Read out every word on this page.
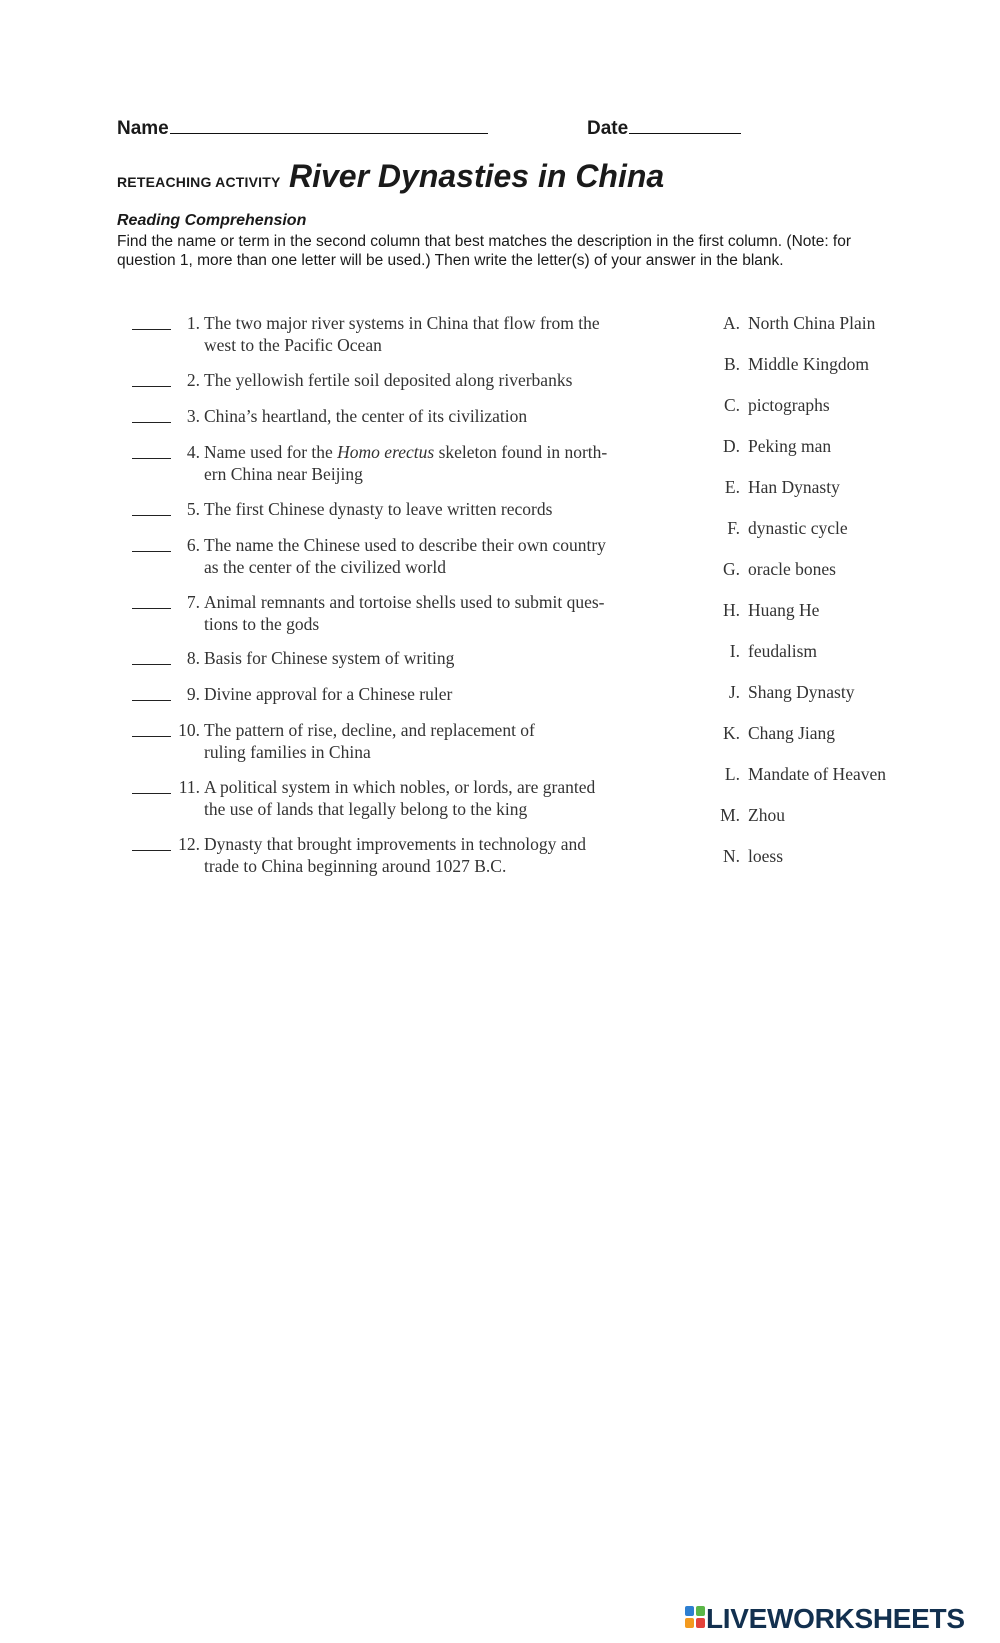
Name	Date
RETEACHING ACTIVITY River Dynasties in China
Reading Comprehension
Find the name or term in the second column that best matches the description in the first column. (Note: for question 1, more than one letter will be used.) Then write the letter(s) of your answer in the blank.
1. The two major river systems in China that flow from the
west to the Pacific Ocean
2. The yellowish fertile soil deposited along riverbanks
3. China’s heartland, the center of its civilization
4. Name used for the Homo erectus skeleton found in north-
ern China near Beijing
5. The first Chinese dynasty to leave written records
6. The name the Chinese used to describe their own country
as the center of the civilized world
7. Animal remnants and tortoise shells used to submit ques-
tions to the gods
8. Basis for Chinese system of writing
9. Divine approval for a Chinese ruler
10. The pattern of rise, decline, and replacement of
ruling families in China
11. A political system in which nobles, or lords, are granted
the use of lands that legally belong to the king
12. Dynasty that brought improvements in technology and
trade to China beginning around 1027 B.C.
A. North China Plain
B. Middle Kingdom
C. pictographs
D. Peking man
E. Han Dynasty
F. dynastic cycle
G. oracle bones
H. Huang He
I. feudalism
J. Shang Dynasty
K. Chang Jiang
L. Mandate of Heaven
M. Zhou
N. loess
LIVEWORKSHEETS
